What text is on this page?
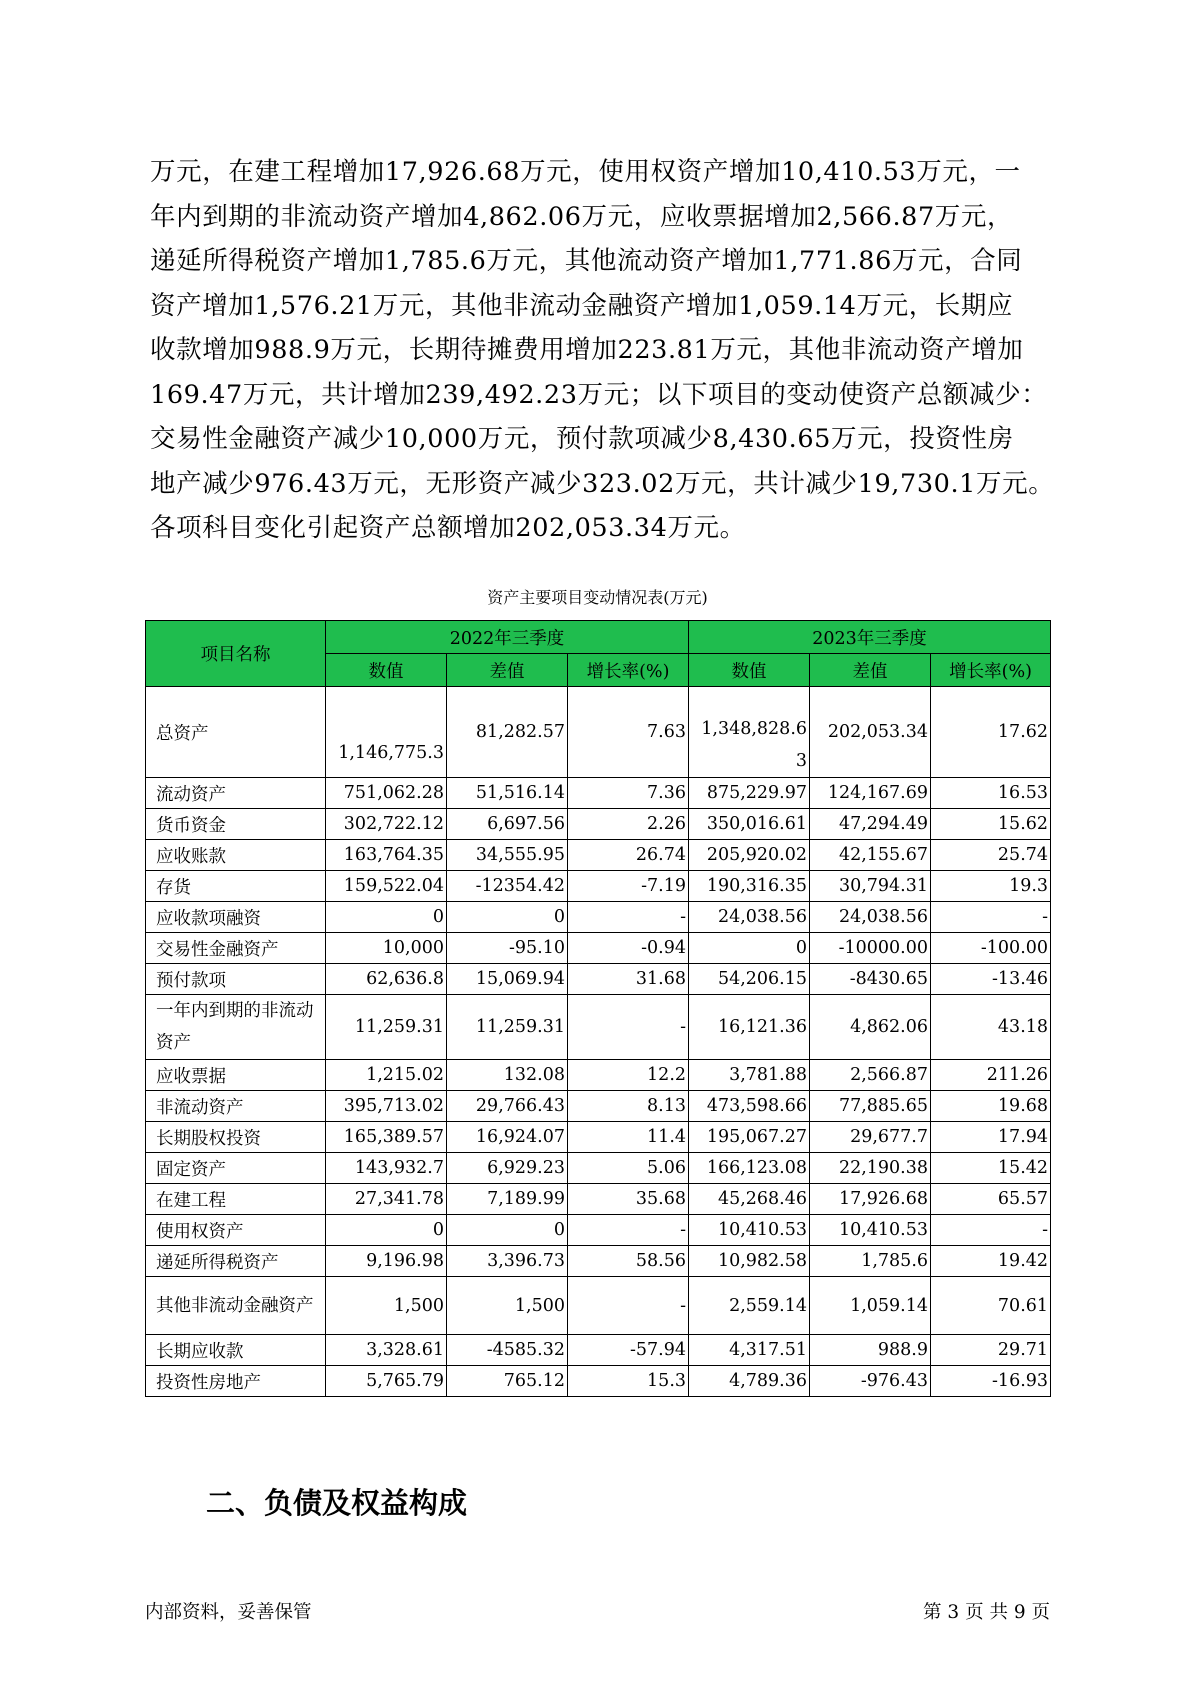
万元，在建工程增加17,926.68万元，使用权资产增加10,410.53万元，一

年内到期的非流动资产增加4,862.06万元，应收票据增加2,566.87万元，

递延所得税资产增加1,785.6万元，其他流动资产增加1,771.86万元，合同

资产增加1,576.21万元，其他非流动金融资产增加1,059.14万元，长期应

收款增加988.9万元，长期待摊费用增加223.81万元，其他非流动资产增加

169.47万元，共计增加239,492.23万元；以下项目的变动使资产总额减少：

交易性金融资产减少10,000万元，预付款项减少8,430.65万元，投资性房

地产减少976.43万元，无形资产减少323.02万元，共计减少19,730.1万元。

各项科目变化引起资产总额增加202,053.34万元。

资产主要项目变动情况表(万元)
项目名称	2022年三季度			2023年三季度		
	数值	差值	增长率(%)	数值	差值	增长率(%)
总资产	1,146,775.3	81,282.57	7.63	1,348,828.63	202,053.34	17.62
流动资产	751,062.28	51,516.14	7.36	875,229.97	124,167.69	16.53
货币资金	302,722.12	6,697.56	2.26	350,016.61	47,294.49	15.62
应收账款	163,764.35	34,555.95	26.74	205,920.02	42,155.67	25.74
存货	159,522.04	-12354.42	-7.19	190,316.35	30,794.31	19.3
应收款项融资	0	0	-	24,038.56	24,038.56	-
交易性金融资产	10,000	-95.10	-0.94	0	-10000.00	-100.00
预付款项	62,636.8	15,069.94	31.68	54,206.15	-8430.65	-13.46
一年内到期的非流动资产	11,259.31	11,259.31	-	16,121.36	4,862.06	43.18
应收票据	1,215.02	132.08	12.2	3,781.88	2,566.87	211.26
非流动资产	395,713.02	29,766.43	8.13	473,598.66	77,885.65	19.68
长期股权投资	165,389.57	16,924.07	11.4	195,067.27	29,677.7	17.94
固定资产	143,932.7	6,929.23	5.06	166,123.08	22,190.38	15.42
在建工程	27,341.78	7,189.99	35.68	45,268.46	17,926.68	65.57
使用权资产	0	0	-	10,410.53	10,410.53	-
递延所得税资产	9,196.98	3,396.73	58.56	10,982.58	1,785.6	19.42
其他非流动金融资产	1,500	1,500	-	2,559.14	1,059.14	70.61
长期应收款	3,328.61	-4585.32	-57.94	4,317.51	988.9	29.71
投资性房地产	5,765.79	765.12	15.3	4,789.36	-976.43	-16.93
二、负债及权益构成
内部资料，妥善保管	第 3 页 共 9 页
